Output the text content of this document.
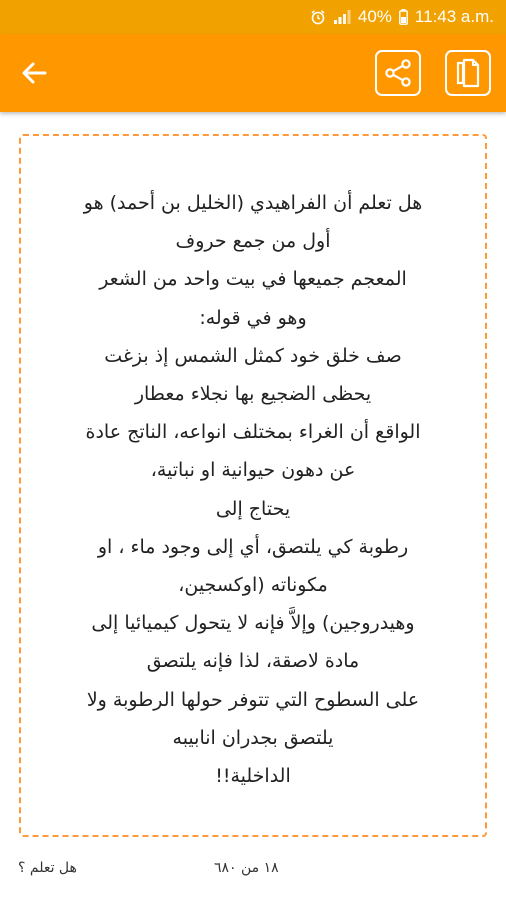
40% 11:43 a.m.
هل تعلم أن الفراهيدي (الخليل بن أحمد) هو
أول من جمع حروف
المعجم جميعها في بيت واحد من الشعر
وهو في قوله:
صف خلق خود كمثل الشمس إذ بزغت
يحظى الضجيع بها نجلاء معطار
الواقع أن الغراء بمختلف انواعه، الناتج عادة
عن دهون حيوانية او نباتية،
يحتاج إلى
رطوبة كي يلتصق، أي إلى وجود ماء ، او
مكوناته (اوكسجين،
وهيدروجين) وإلاَّ فإنه لا يتحول كيميائيا إلى
مادة لاصقة، لذا فإنه يلتصق
على السطوح التي تتوفر حولها الرطوبة ولا
يلتصق بجدران انابيبه
الداخلية!!
هل تعلم ؟	١٨ من ٦٨٠
